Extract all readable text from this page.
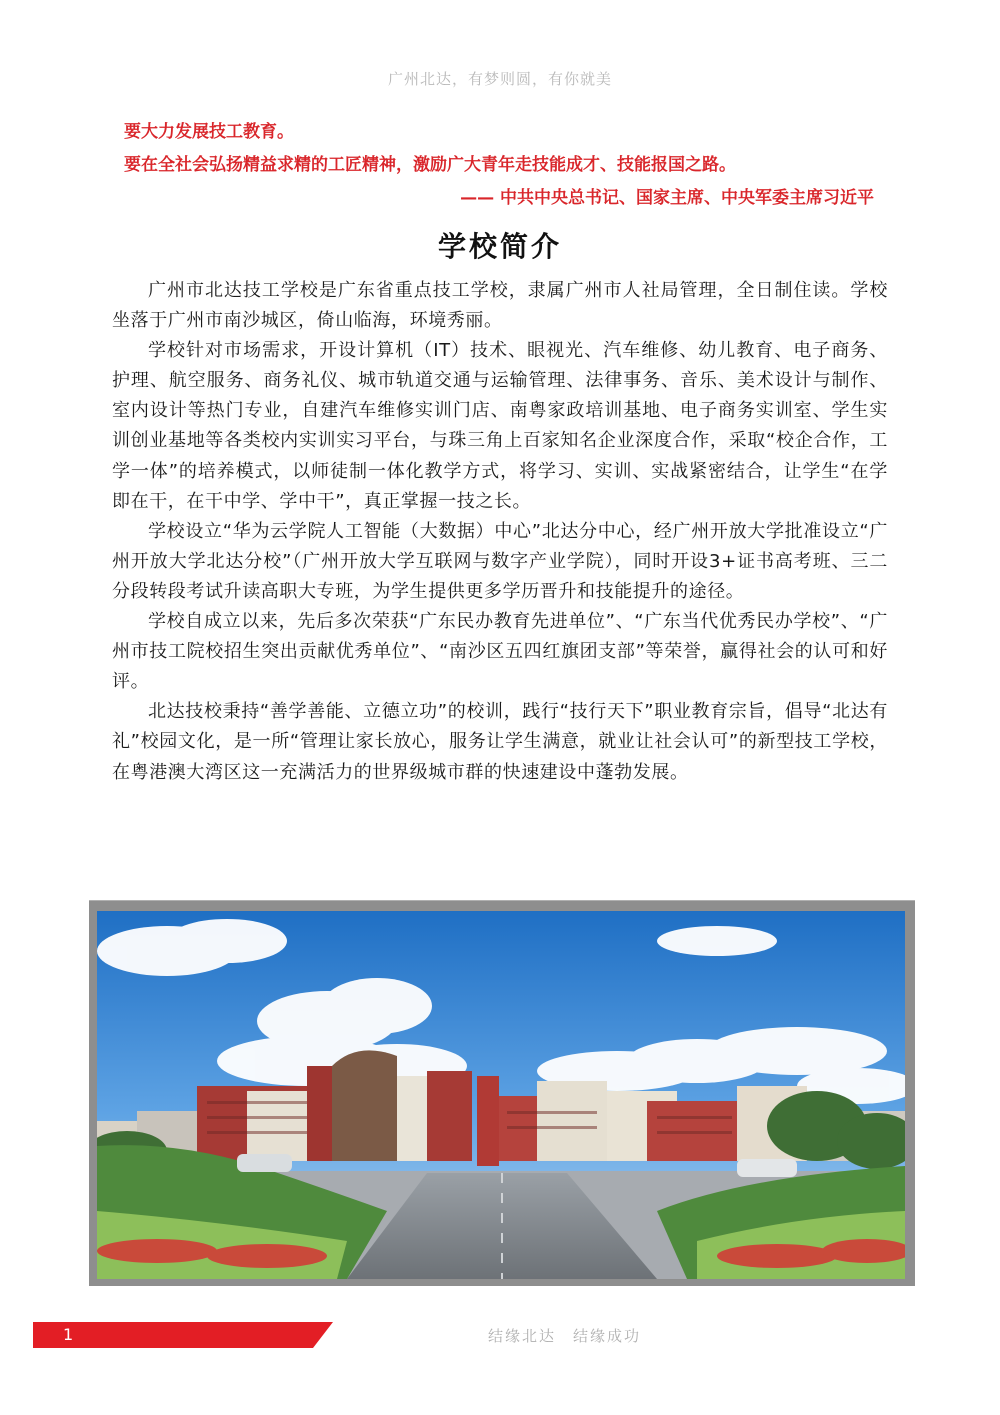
广州北达，有梦则圆，有你就美
要大力发展技工教育。
要在全社会弘扬精益求精的工匠精神，激励广大青年走技能成才、技能报国之路。
—— 中共中央总书记、国家主席、中央军委主席习近平
学校简介

广州市北达技工学校是广东省重点技工学校，隶属广州市人社局管理，全日制住读。学校坐落于广州市南沙城区，倚山临海，环境秀丽。

学校针对市场需求，开设计算机（IT）技术、眼视光、汽车维修、幼儿教育、电子商务、护理、航空服务、商务礼仪、城市轨道交通与运输管理、法律事务、音乐、美术设计与制作、室内设计等热门专业，自建汽车维修实训门店、南粤家政培训基地、电子商务实训室、学生实训创业基地等各类校内实训实习平台，与珠三角上百家知名企业深度合作，采取“校企合作，工学一体”的培养模式，以师徒制一体化教学方式，将学习、实训、实战紧密结合，让学生“在学即在干，在干中学、学中干”，真正掌握一技之长。

学校设立“华为云学院人工智能（大数据）中心”北达分中心，经广州开放大学批准设立“广州开放大学北达分校”（广州开放大学互联网与数字产业学院），同时开设3+证书高考班、三二分段转段考试升读高职大专班，为学生提供更多学历晋升和技能提升的途径。

学校自成立以来，先后多次荣获“广东民办教育先进单位”、“广东当代优秀民办学校”、“广州市技工院校招生突出贡献优秀单位”、“南沙区五四红旗团支部”等荣誉，赢得社会的认可和好评。

北达技校秉持“善学善能、立德立功”的校训，践行“技行天下”职业教育宗旨，倡导“北达有礼”校园文化，是一所“管理让家长放心，服务让学生满意，就业让社会认可”的新型技工学校，在粤港澳大湾区这一充满活力的世界级城市群的快速建设中蓬勃发展。

1	结缘北达　结缘成功
